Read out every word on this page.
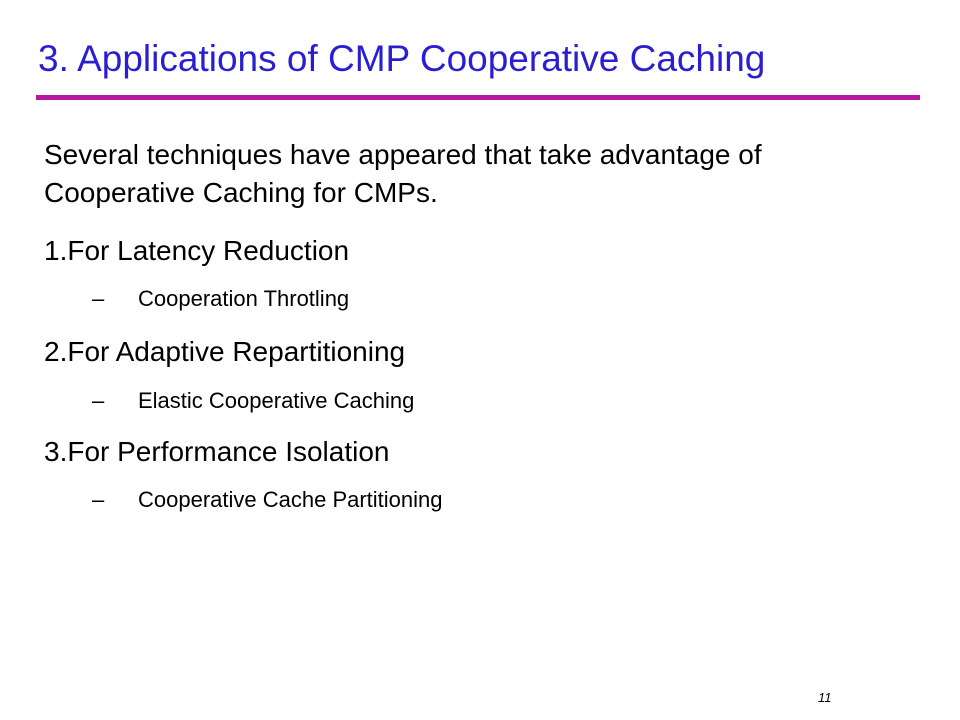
3. Applications of CMP Cooperative Caching

Several techniques have appeared that take advantage of Cooperative Caching for CMPs.

1.For Latency Reduction

– Cooperation Throtling

2.For Adaptive Repartitioning

– Elastic Cooperative Caching

3.For Performance Isolation

– Cooperative Cache Partitioning
11
